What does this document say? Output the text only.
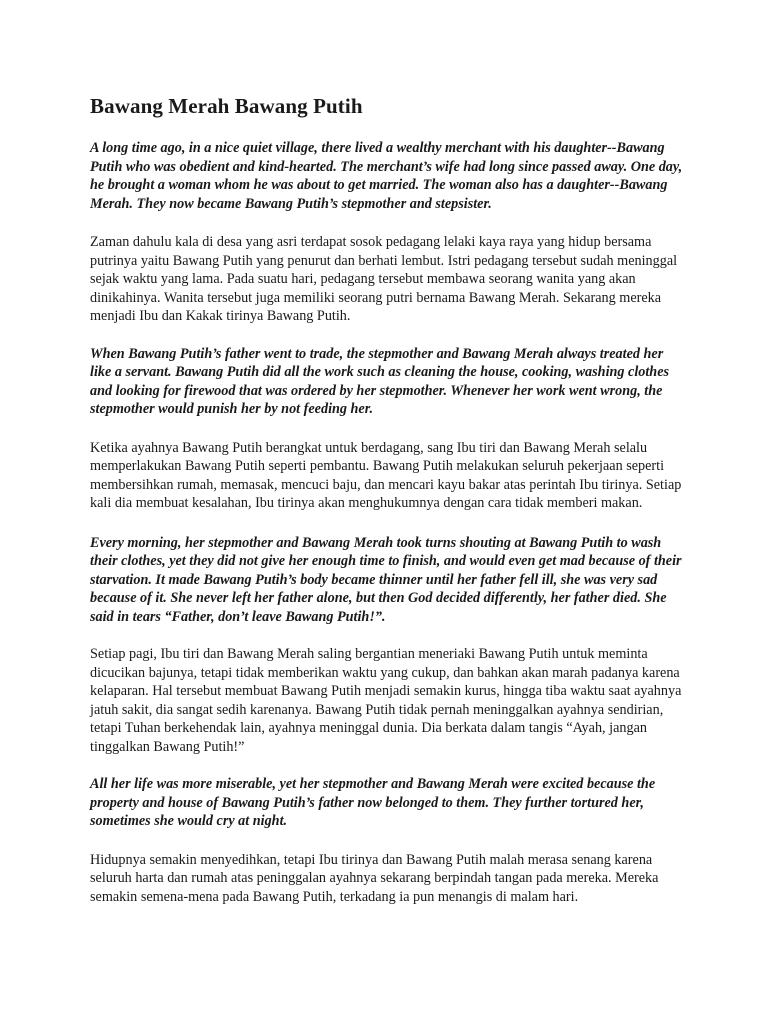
Bawang Merah Bawang Putih

A long time ago, in a nice quiet village, there lived a wealthy merchant with his daughter--Bawang Putih who was obedient and kind-hearted. The merchant’s wife had long since passed away. One day, he brought a woman whom he was about to get married. The woman also has a daughter--Bawang Merah. They now became Bawang Putih’s stepmother and stepsister.

Zaman dahulu kala di desa yang asri terdapat sosok pedagang lelaki kaya raya yang hidup bersama putrinya yaitu Bawang Putih yang penurut dan berhati lembut. Istri pedagang tersebut sudah meninggal sejak waktu yang lama. Pada suatu hari, pedagang tersebut membawa seorang wanita yang akan dinikahinya. Wanita tersebut juga memiliki seorang putri bernama Bawang Merah. Sekarang mereka menjadi Ibu dan Kakak tirinya Bawang Putih.

When Bawang Putih’s father went to trade, the stepmother and Bawang Merah always treated her like a servant. Bawang Putih did all the work such as cleaning the house, cooking, washing clothes and looking for firewood that was ordered by her stepmother. Whenever her work went wrong, the stepmother would punish her by not feeding her.

Ketika ayahnya Bawang Putih berangkat untuk berdagang, sang Ibu tiri dan Bawang Merah selalu memperlakukan Bawang Putih seperti pembantu. Bawang Putih melakukan seluruh pekerjaan seperti membersihkan rumah, memasak, mencuci baju, dan mencari kayu bakar atas perintah Ibu tirinya. Setiap kali dia membuat kesalahan, Ibu tirinya akan menghukumnya dengan cara tidak memberi makan.

Every morning, her stepmother and Bawang Merah took turns shouting at Bawang Putih to wash their clothes, yet they did not give her enough time to finish, and would even get mad because of their starvation. It made Bawang Putih’s body became thinner until her father fell ill, she was very sad because of it. She never left her father alone, but then God decided differently, her father died. She said in tears “Father, don’t leave Bawang Putih!”.

Setiap pagi, Ibu tiri dan Bawang Merah saling bergantian meneriaki Bawang Putih untuk meminta dicucikan bajunya, tetapi tidak memberikan waktu yang cukup, dan bahkan akan marah padanya karena kelaparan. Hal tersebut membuat Bawang Putih menjadi semakin kurus, hingga tiba waktu saat ayahnya jatuh sakit, dia sangat sedih karenanya. Bawang Putih tidak pernah meninggalkan ayahnya sendirian, tetapi Tuhan berkehendak lain, ayahnya meninggal dunia. Dia berkata dalam tangis “Ayah, jangan tinggalkan Bawang Putih!”

All her life was more miserable, yet her stepmother and Bawang Merah were excited because the property and house of Bawang Putih’s father now belonged to them. They further tortured her, sometimes she would cry at night.

Hidupnya semakin menyedihkan, tetapi Ibu tirinya dan Bawang Putih malah merasa senang karena seluruh harta dan rumah atas peninggalan ayahnya sekarang berpindah tangan pada mereka. Mereka semakin semena-mena pada Bawang Putih, terkadang ia pun menangis di malam hari.
